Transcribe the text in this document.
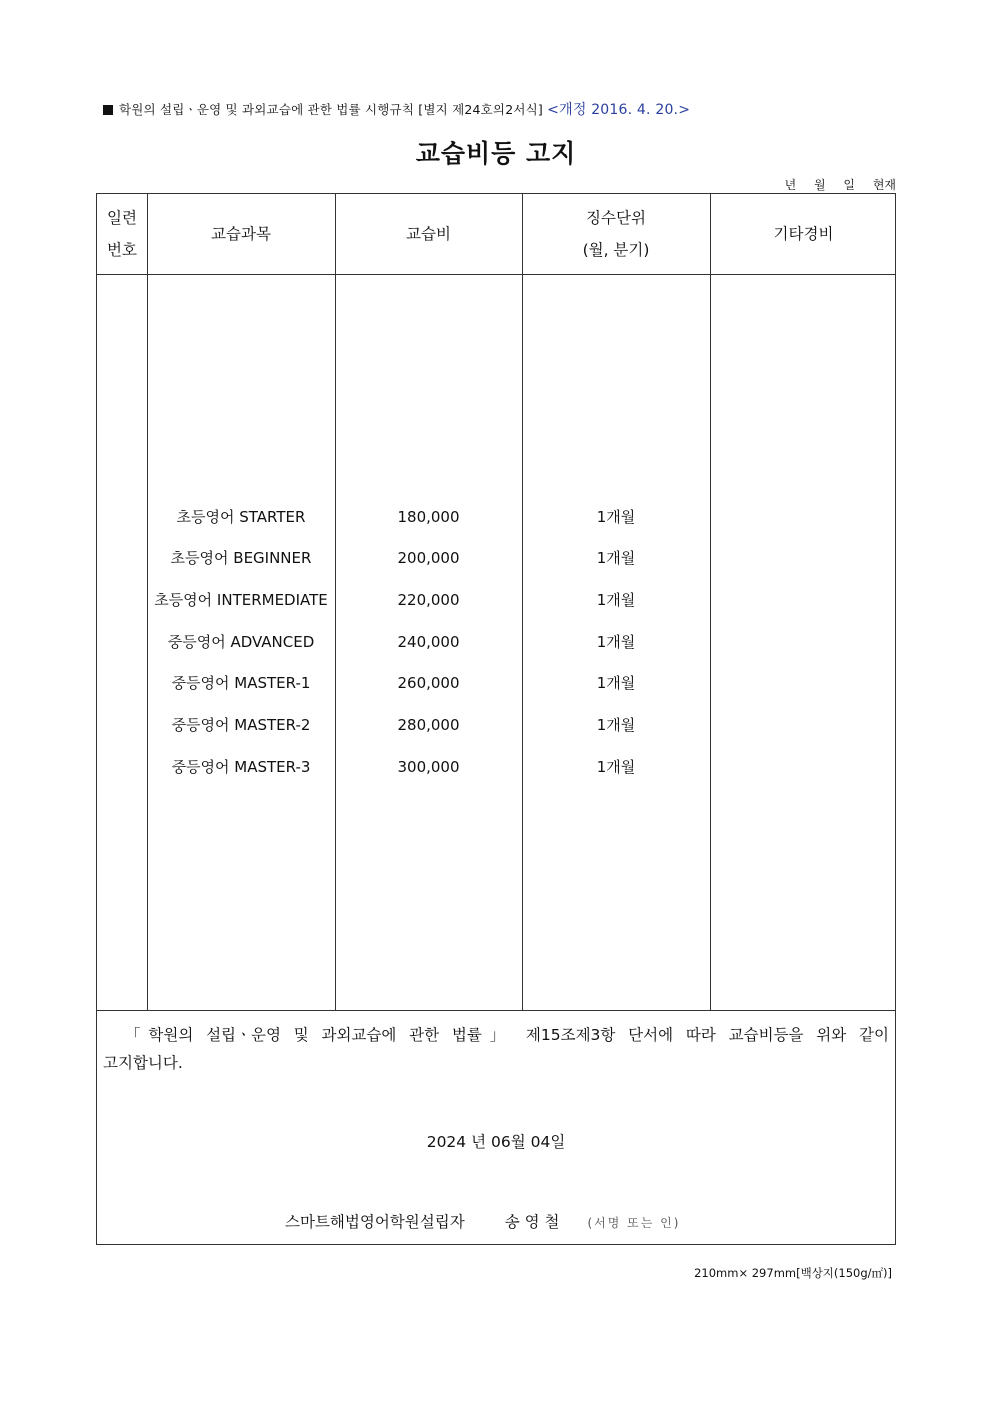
학원의 설립ㆍ운영 및 과외교습에 관한 법률 시행규칙 [별지 제24호의2서식] <개정 2016. 4. 20.>
교습비등 고지
년 월 일 현재
일련
번호
교습과목	교습비
징수단위
(월, 분기)
기타경비
초등영어 STARTER	180,000	1개월
초등영어 BEGINNER	200,000	1개월
초등영어 INTERMEDIATE	220,000	1개월
중등영어 ADVANCED	240,000	1개월
중등영어 MASTER-1	260,000	1개월
중등영어 MASTER-2	280,000	1개월
중등영어 MASTER-3	300,000	1개월
「학원의 설립ㆍ운영 및 과외교습에 관한 법률」 제15조제3항 단서에 따라 교습비등을 위와 같이
고지합니다.
2024 년 06월 04일
스마트해법영어학원설립자	송 영 철 (서명 또는 인)
210mm× 297mm[백상지(150g/㎡)]
